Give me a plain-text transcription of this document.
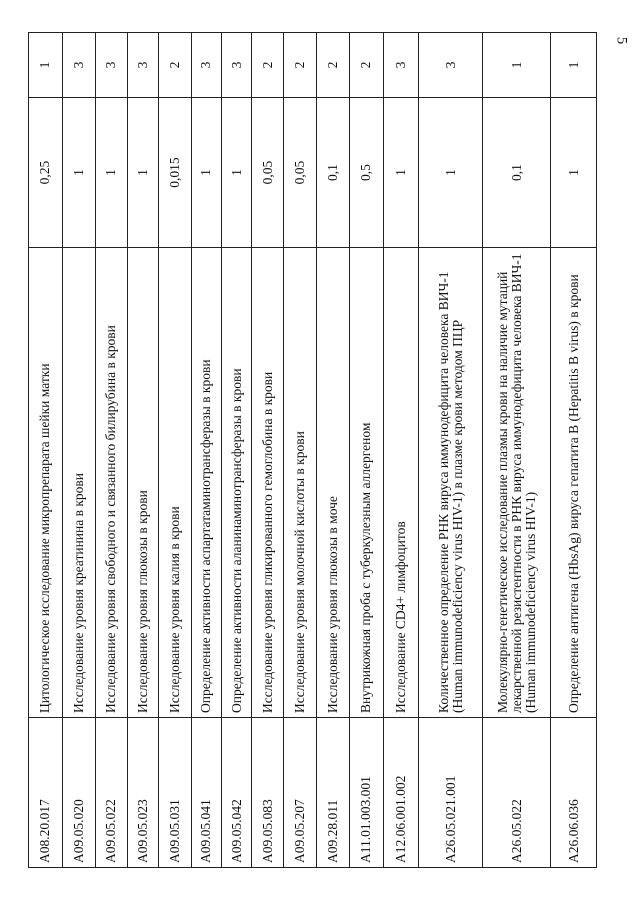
5
A08.20.017	Цитологическое исследование микропрепарата шейки матки	0,25	1
A09.05.020	Исследование уровня креатинина в крови	1	3
A09.05.022	Исследование уровня свободного и связанного билирубина в крови	1	3
A09.05.023	Исследование уровня глюкозы в крови	1	3
A09.05.031	Исследование уровня калия в крови	0,015	2
A09.05.041	Определение активности аспартатаминотрансферазы в крови	1	3
A09.05.042	Определение активности аланинаминотрансферазы в крови	1	3
A09.05.083	Исследование уровня гликированного гемоглобина в крови	0,05	2
A09.05.207	Исследование уровня молочной кислоты в крови	0,05	2
A09.28.011	Исследование уровня глюкозы в моче	0,1	2
A11.01.003.001	Внутрикожная проба с туберкулезным аллергеном	0,5	2
A12.06.001.002	Исследование CD4+ лимфоцитов	1	3
A26.05.021.001	Количественное определение РНК вируса иммунодефицита человека ВИЧ-1 (Human immunodeficiency virus HIV-1) в плазме крови методом ПЦР	1	3
A26.05.022	Молекулярно-генетическое исследование плазмы крови на наличие мутаций лекарственной резистентности в РНК вируса иммунодефицита человека ВИЧ-1 (Human immunodeficiency virus HIV-1)	0,1	1
A26.06.036	Определение антигена (HbsAg) вируса гепатита B (Hepatitis B virus) в крови	1	1
